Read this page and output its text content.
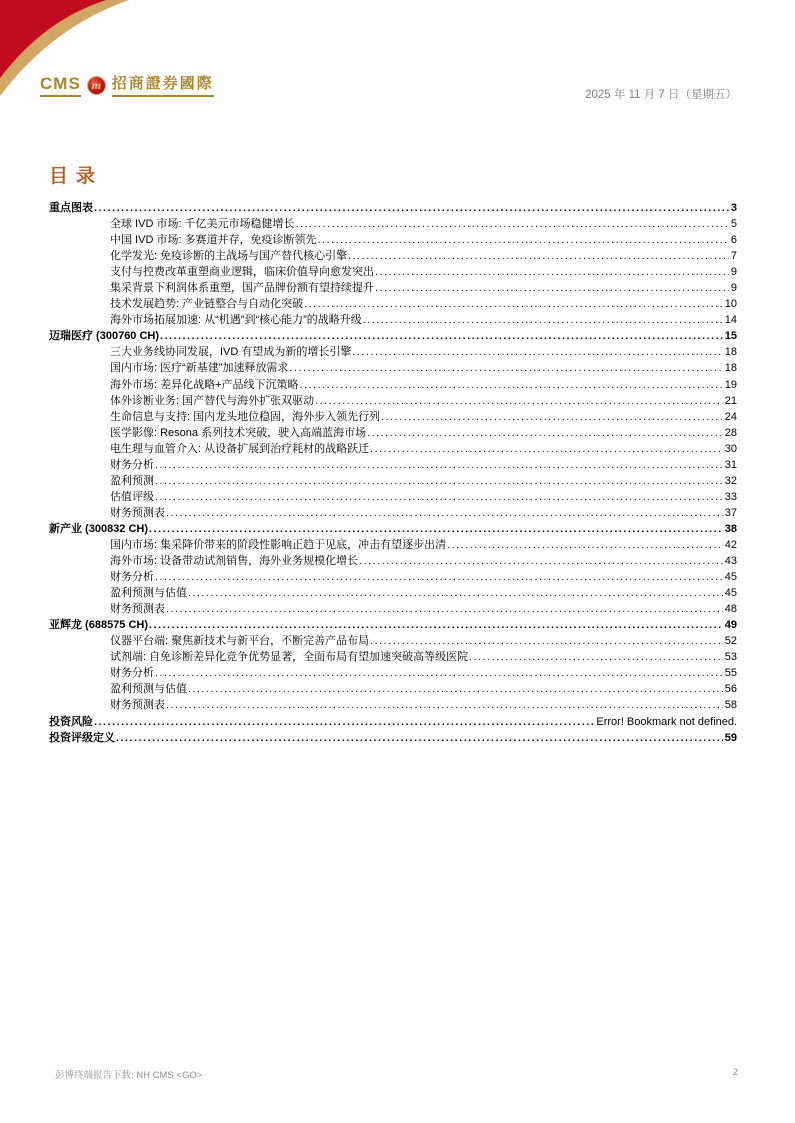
CMS m 招商證券國際
2025 年 11 月 7 日（星期五）
目录
重点图表 .....	3
全球 IVD 市场: 千亿美元市场稳健增长 .....	5
中国 IVD 市场: 多赛道并存，免疫诊断领先 .....	6
化学发光: 免疫诊断的主战场与国产替代核心引擎 .....	7
支付与控费改革重塑商业逻辑，临床价值导向愈发突出 .....	9
集采背景下利润体系重塑，国产品牌份额有望持续提升 .....	9
技术发展趋势: 产业链整合与自动化突破 .....	10
海外市场拓展加速: 从“机遇”到“核心能力”的战略升级 .....	14
迈瑞医疗 (300760 CH) .....	15
三大业务线协同发展，IVD 有望成为新的增长引擎 .....	18
国内市场: 医疗“新基建”加速释放需求 .....	18
海外市场: 差异化战略+产品线下沉策略 .....	19
体外诊断业务: 国产替代与海外扩张双驱动 .....	21
生命信息与支持: 国内龙头地位稳固，海外步入领先行列 .....	24
医学影像: Resona 系列技术突破，驶入高端蓝海市场 .....	28
电生理与血管介入: 从设备扩展到治疗耗材的战略跃迁 .....	30
财务分析 .....	31
盈利预测 .....	32
估值评级 .....	33
财务预测表 .....	37
新产业 (300832 CH) .....	38
国内市场: 集采降价带来的阶段性影响正趋于见底，冲击有望逐步出清 .....	42
海外市场: 设备带动试剂销售，海外业务规模化增长 .....	43
财务分析 .....	45
盈利预测与估值 .....	45
财务预测表 .....	48
亚辉龙 (688575 CH) .....	49
仪器平台端: 聚焦新技术与新平台，不断完善产品布局 .....	52
试剂端: 自免诊断差异化竞争优势显著，全面布局有望加速突破高等级医院 .....	53
财务分析 .....	55
盈利预测与估值 .....	56
财务预测表 .....	58
投资风险 .....	Error! Bookmark not defined.
投资评级定义 .....	59
彭博终端报告下载: NH CMS <GO>	2
